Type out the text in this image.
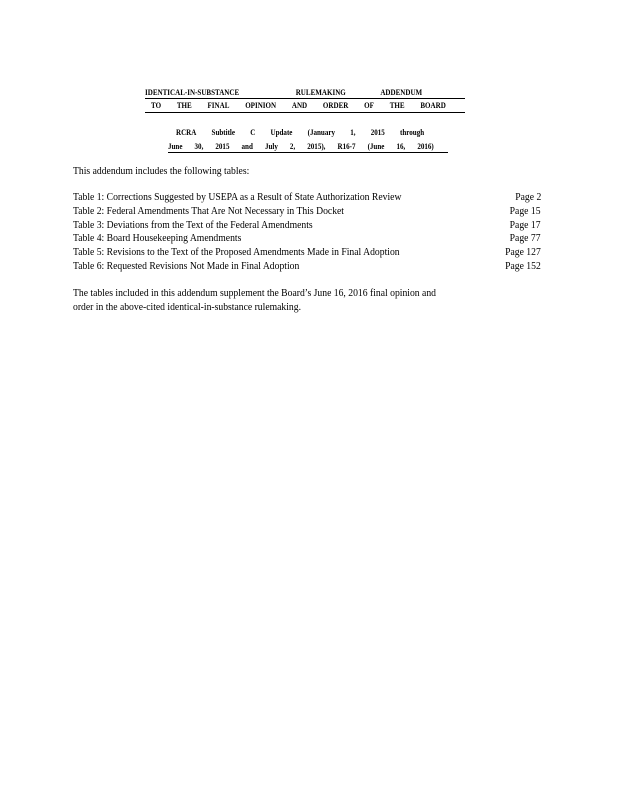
IDENTICAL-IN-SUBSTANCE	RULEMAKING	ADDENDUM
TO THE FINAL OPINION AND ORDER OF THE BOARD
RCRA Subtitle C Update (January 1, 2015 through
June 30, 2015 and July 2, 2015), R16-7 (June 16, 2016)
This addendum includes the following tables:
Table 1: Corrections Suggested by USEPA as a Result of State Authorization Review	Page 2
Table 2: Federal Amendments That Are Not Necessary in This Docket	Page 15
Table 3: Deviations from the Text of the Federal Amendments	Page 17
Table 4: Board Housekeeping Amendments	Page 77
Table 5: Revisions to the Text of the Proposed Amendments Made in Final Adoption	Page 127
Table 6: Requested Revisions Not Made in Final Adoption	Page 152
The tables included in this addendum supplement the Board’s June 16, 2016 final opinion and
order in the above-cited identical-in-substance rulemaking.
